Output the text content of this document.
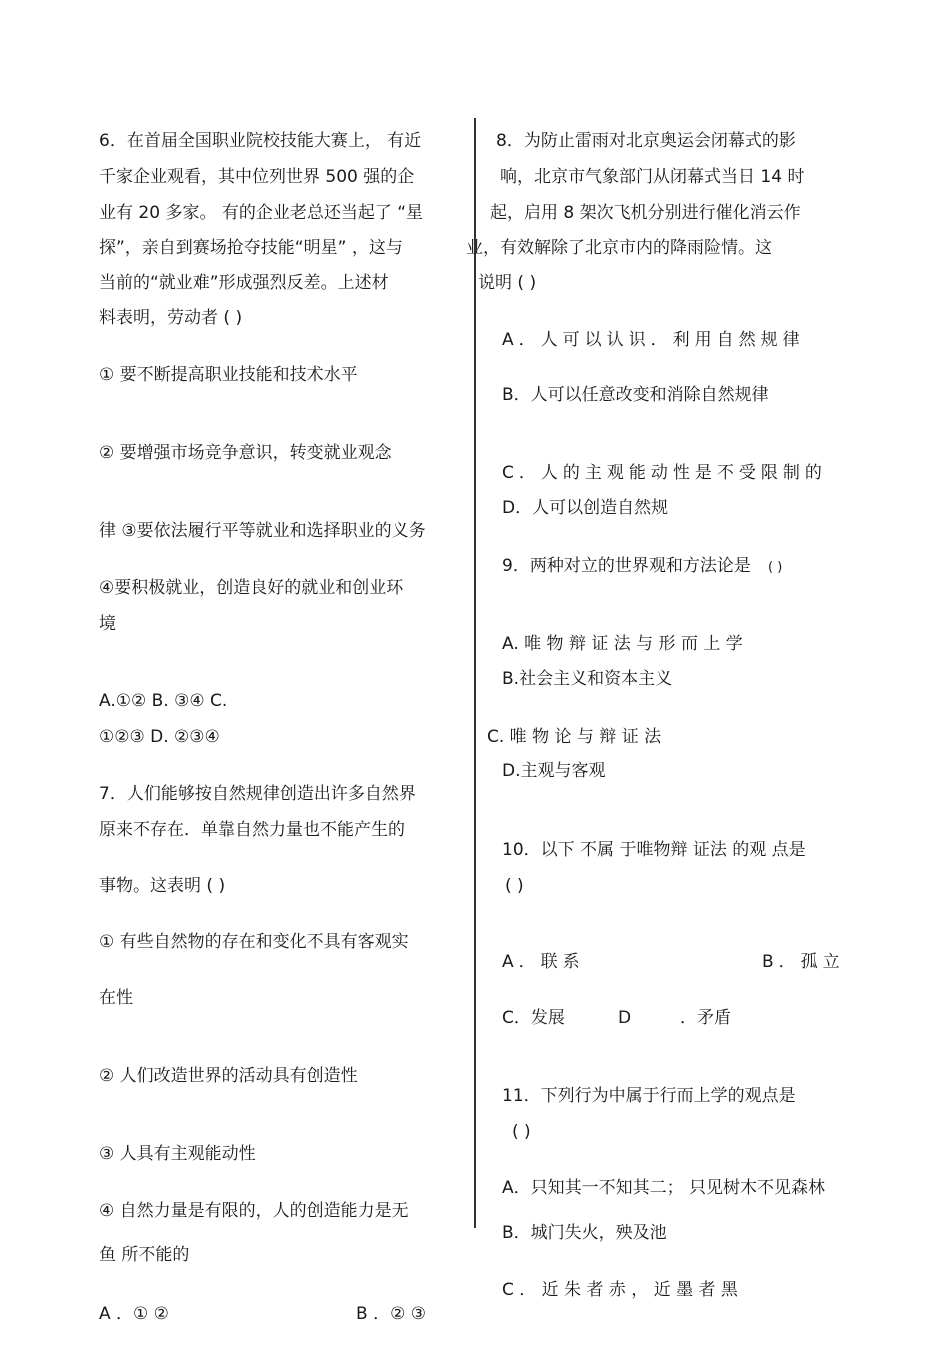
6．在首届全国职业院校技能大赛上， 有近
千家企业观看，其中位列世界 500 强的企
业有 20 多家。 有的企业老总还当起了 “星
探”，亲自到赛场抢夺技能“明星” ，这与
当前的“就业难”形成强烈反差。上述材
料表明，劳动者 ( )
① 要不断提高职业技能和技术水平
② 要增强市场竞争意识，转变就业观念
律 ③要依法履行平等就业和选择职业的义务
④要积极就业，创造良好的就业和创业环
境
A.①② B. ③④ C.
①②③ D. ②③④
7．人们能够按自然规律创造出许多自然界
原来不存在．单靠自然力量也不能产生的
事物。这表明 ( )
① 有些自然物的存在和变化不具有客观实
在性
② 人们改造世界的活动具有创造性
③ 人具有主观能动性
④ 自然力量是有限的，人的创造能力是无
鱼 所不能的
A ．① ②	B ．② ③
8．为防止雷雨对北京奥运会闭幕式的影
响，北京市气象部门从闭幕式当日 14 时
起，启用 8 架次飞机分别进行催化消云作
业，有效解除了北京市内的降雨险情。这
说明 ( )
A．人可以认识．利用自然规律
B．人可以任意改变和消除自然规律
C．人的主观能动性是不受限制的
D．人可以创造自然规
9．两种对立的世界观和方法论是 ( )
A. 唯 物 辩 证 法 与 形 而 上 学
B.社会主义和资本主义
C. 唯 物 论 与 辩 证 法
D.主观与客观
10．以下 不属 于唯物辩 证法 的观 点是
( )
A．联系	B．孤立
C．发展	D	．矛盾
11．下列行为中属于行而上学的观点是
( )
A．只知其一不知其二； 只见树木不见森林
B．城门失火，殃及池
C ． 近 朱 者 赤 ， 近 墨 者 黑
